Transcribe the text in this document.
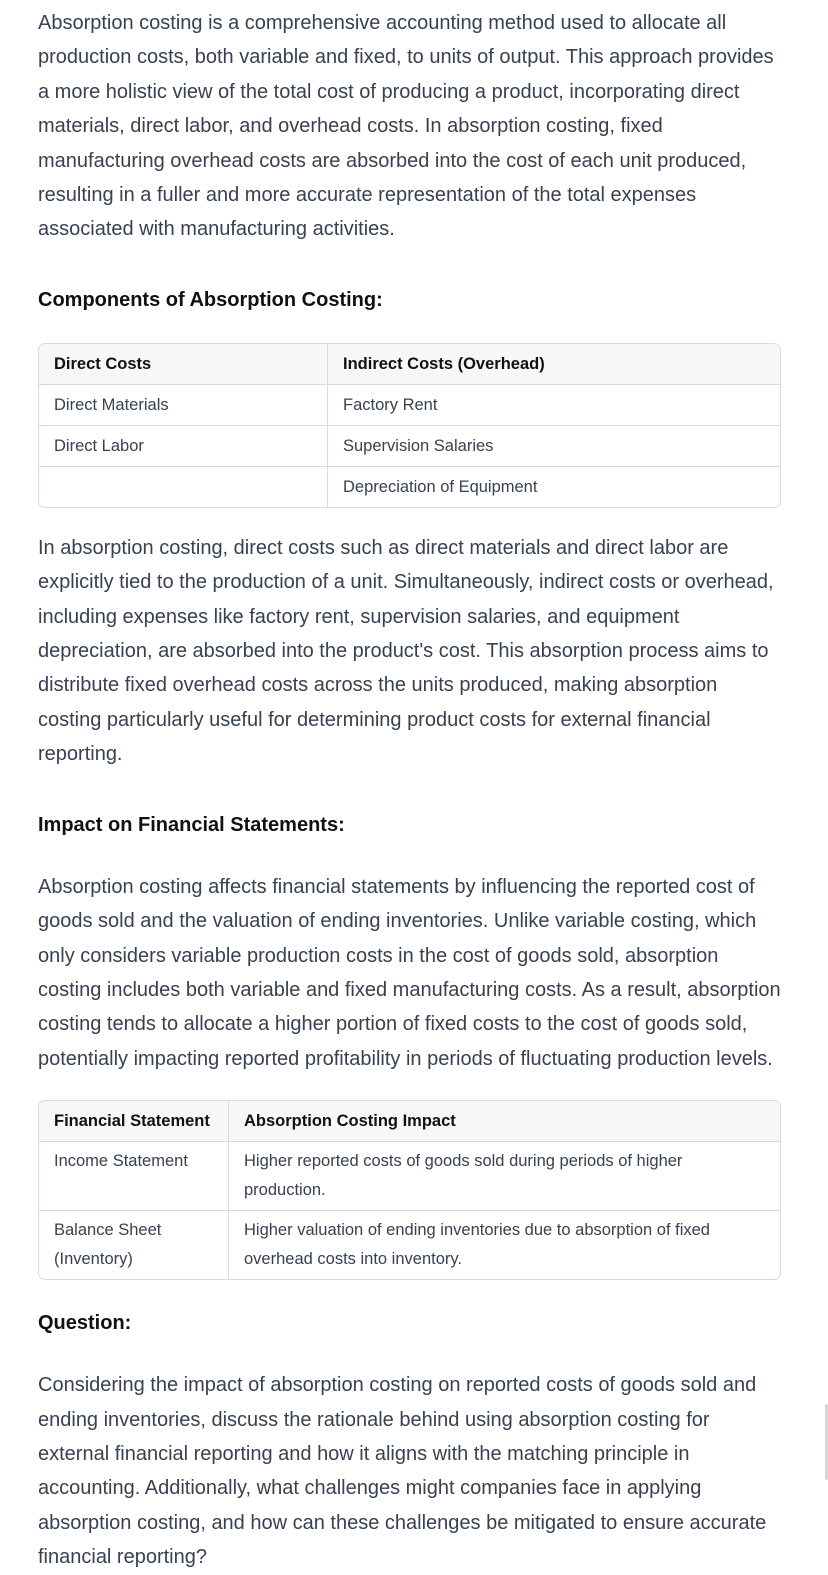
Absorption costing is a comprehensive accounting method used to allocate all production costs, both variable and fixed, to units of output. This approach provides a more holistic view of the total cost of producing a product, incorporating direct materials, direct labor, and overhead costs. In absorption costing, fixed manufacturing overhead costs are absorbed into the cost of each unit produced, resulting in a fuller and more accurate representation of the total expenses associated with manufacturing activities.

Components of Absorption Costing:
Direct Costs	Indirect Costs (Overhead)
Direct Materials	Factory Rent
Direct Labor	Supervision Salaries
	Depreciation of Equipment

In absorption costing, direct costs such as direct materials and direct labor are explicitly tied to the production of a unit. Simultaneously, indirect costs or overhead, including expenses like factory rent, supervision salaries, and equipment depreciation, are absorbed into the product's cost. This absorption process aims to distribute fixed overhead costs across the units produced, making absorption costing particularly useful for determining product costs for external financial reporting.

Impact on Financial Statements:

Absorption costing affects financial statements by influencing the reported cost of goods sold and the valuation of ending inventories. Unlike variable costing, which only considers variable production costs in the cost of goods sold, absorption costing includes both variable and fixed manufacturing costs. As a result, absorption costing tends to allocate a higher portion of fixed costs to the cost of goods sold, potentially impacting reported profitability in periods of fluctuating production levels.

Financial Statement	Absorption Costing Impact
Income Statement	Higher reported costs of goods sold during periods of higher production.
Balance Sheet (Inventory)	Higher valuation of ending inventories due to absorption of fixed overhead costs into inventory.
Question:

Considering the impact of absorption costing on reported costs of goods sold and ending inventories, discuss the rationale behind using absorption costing for external financial reporting and how it aligns with the matching principle in accounting. Additionally, what challenges might companies face in applying absorption costing, and how can these challenges be mitigated to ensure accurate financial reporting?
